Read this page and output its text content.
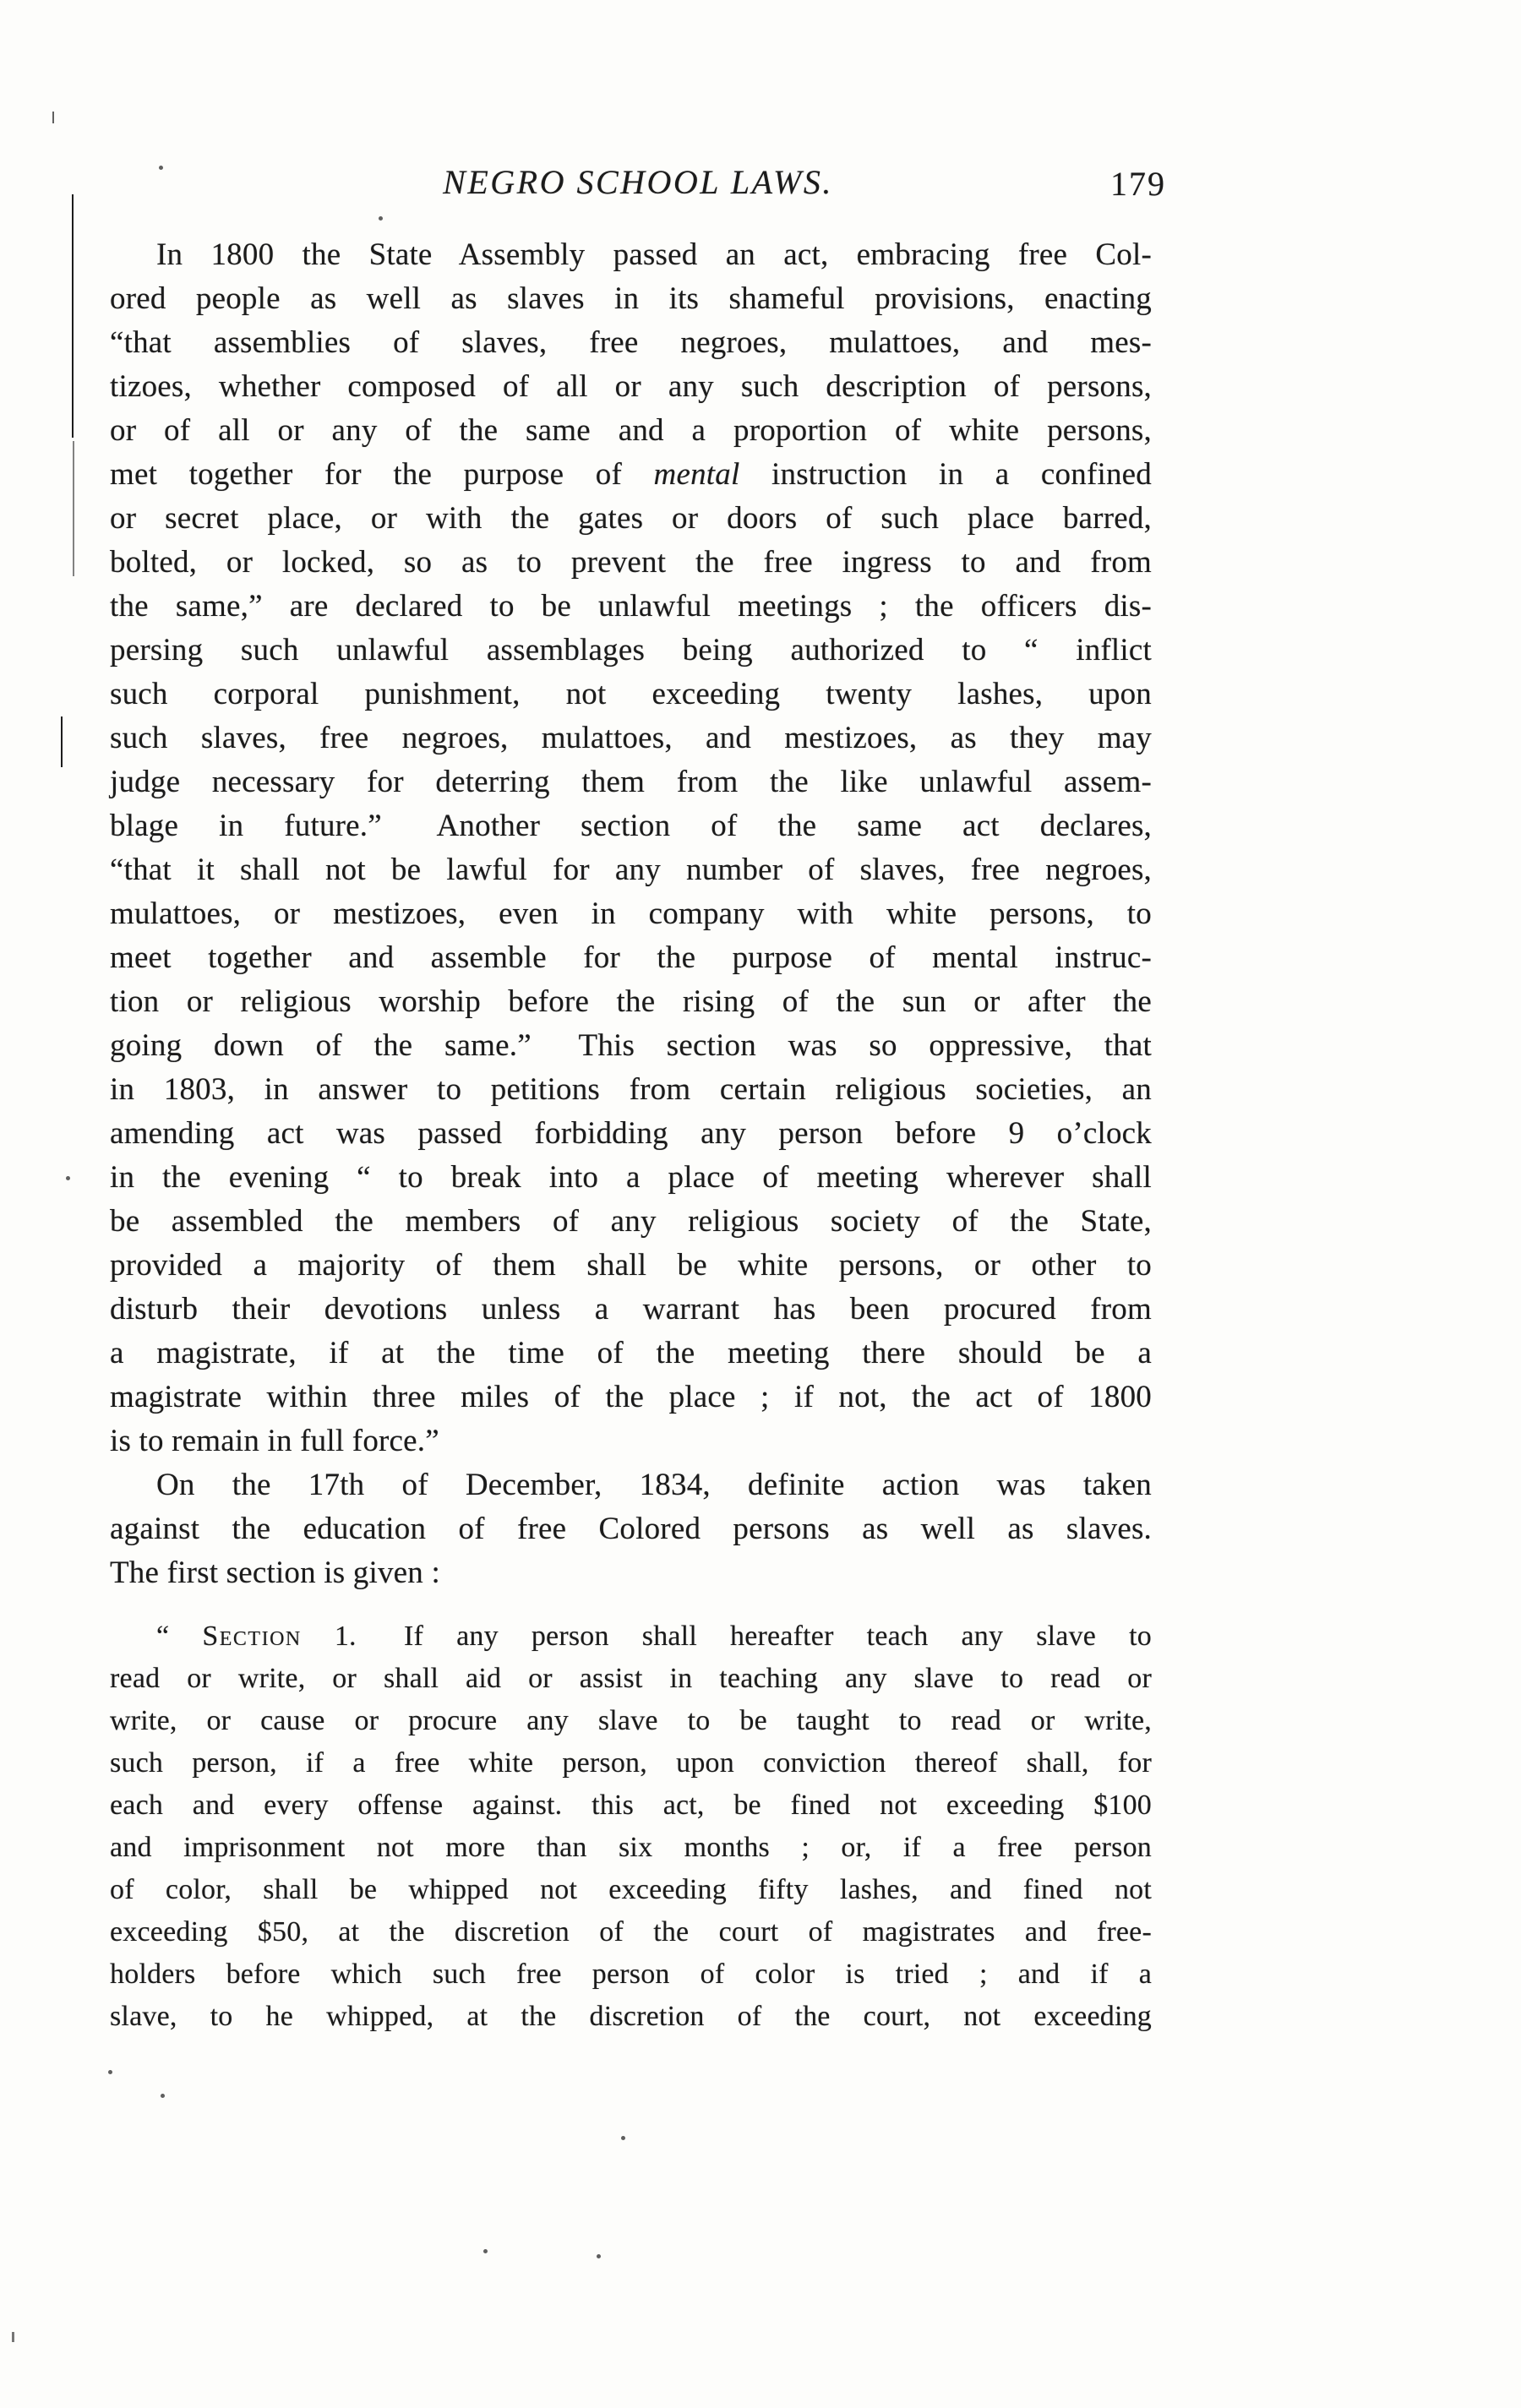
NEGRO SCHOOL LAWS.	179
In 1800 the State Assembly passed an act, embracing free Col-
ored people as well as slaves in its shameful provisions, enacting
“that assemblies of slaves, free negroes, mulattoes, and mes-
tizoes, whether composed of all or any such description of persons,
or of all or any of the same and a proportion of white persons,
met together for the purpose of mental instruction in a confined
or secret place, or with the gates or doors of such place barred,
bolted, or locked, so as to prevent the free ingress to and from
the same,” are declared to be unlawful meetings ; the officers dis-
persing such unlawful assemblages being authorized to “ inflict
such corporal punishment, not exceeding twenty lashes, upon
such slaves, free negroes, mulattoes, and mestizoes, as they may
judge necessary for deterring them from the like unlawful assem-
blage in future.”  Another section of the same act declares,
“that it shall not be lawful for any number of slaves, free negroes,
mulattoes, or mestizoes, even in company with white persons, to
meet together and assemble for the purpose of mental instruc-
tion or religious worship before the rising of the sun or after the
going down of the same.”  This section was so oppressive, that
in 1803, in answer to petitions from certain religious societies, an
amending act was passed forbidding any person before 9 o’clock
in the evening “ to break into a place of meeting wherever shall
be assembled the members of any religious society of the State,
provided a majority of them shall be white persons, or other to
disturb their devotions unless a warrant has been procured from
a magistrate, if at the time of the meeting there should be a
magistrate within three miles of the place ; if not, the act of 1800
is to remain in full force.”
On the 17th of December, 1834, definite action was taken
against the education of free Colored persons as well as slaves.
The first section is given :
“ Section 1.  If any person shall hereafter teach any slave to
read or write, or shall aid or assist in teaching any slave to read or
write, or cause or procure any slave to be taught to read or write,
such person, if a free white person, upon conviction thereof shall, for
each and every offense against. this act, be fined not exceeding $100
and imprisonment not more than six months ; or, if a free person
of color, shall be whipped not exceeding fifty lashes, and fined not
exceeding $50, at the discretion of the court of magistrates and free-
holders before which such free person of color is tried ; and if a
slave, to he whipped, at the discretion of the court, not exceeding
